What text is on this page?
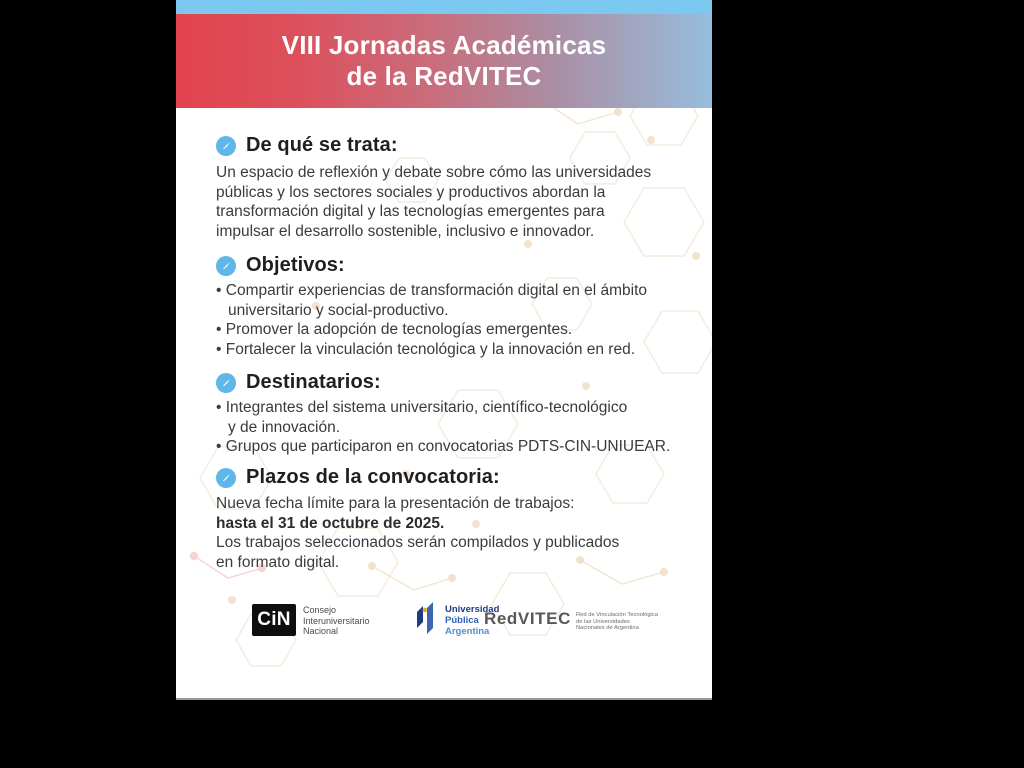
VIII Jornadas Académicas
de la RedVITEC
De qué se trata:
Un espacio de reflexión y debate sobre cómo las universidades
públicas y los sectores sociales y productivos abordan la
transformación digital y las tecnologías emergentes para
impulsar el desarrollo sostenible, inclusivo e innovador.
Objetivos:
• Compartir experiencias de transformación digital en el ámbito
universitario y social-productivo.
• Promover la adopción de tecnologías emergentes.
• Fortalecer la vinculación tecnológica y la innovación en red.
Destinatarios:
• Integrantes del sistema universitario, científico-tecnológico
y de innovación.
• Grupos que participaron en convocatorias PDTS-CIN-UNIUEAR.
Plazos de la convocatoria:
Nueva fecha límite para la presentación de trabajos:
hasta el 31 de octubre de 2025.
Los trabajos seleccionados serán compilados y publicados
en formato digital.
CiN Consejo
Interuniversitario
Nacional
Universidad
Pública
Argentina
RedVITEC Red de Vinculación Tecnológica
de las Universidades
Nacionales de Argentina
